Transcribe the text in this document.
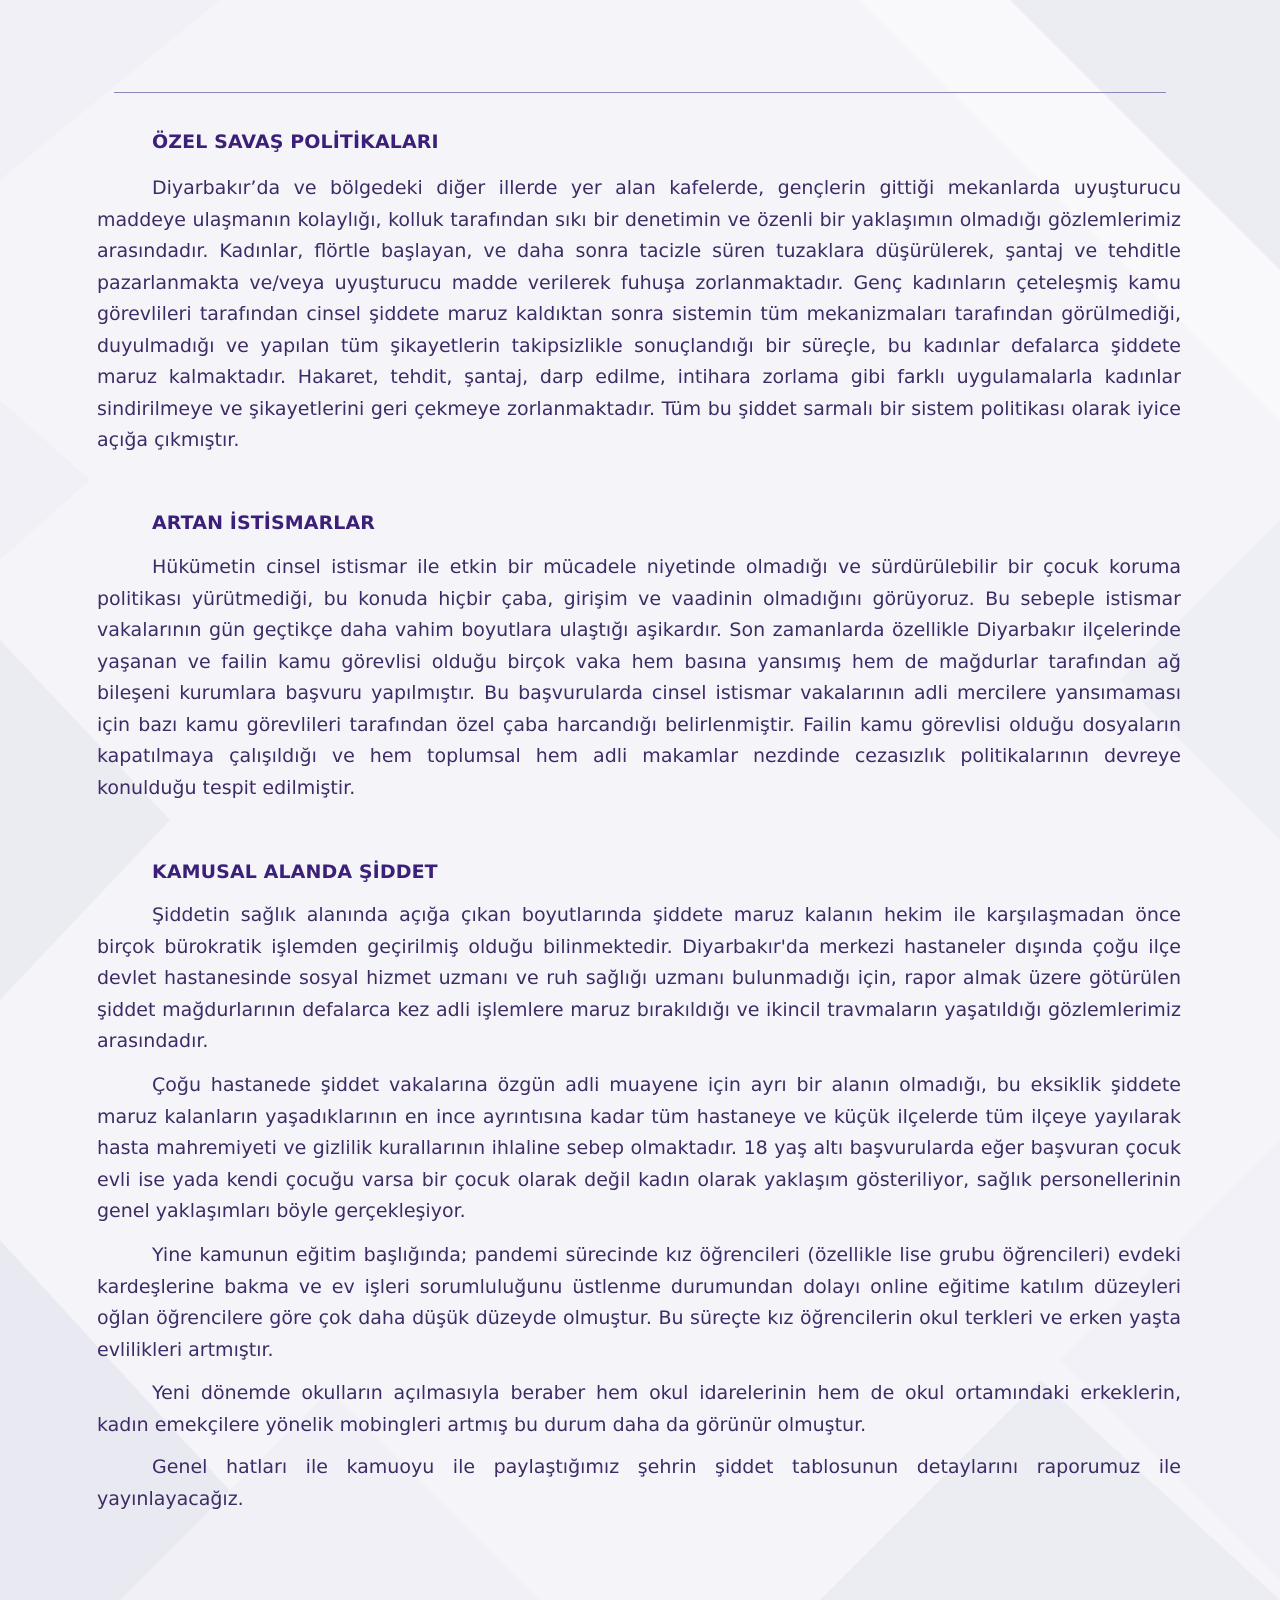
ÖZEL SAVAŞ POLİTİKALARI

Diyarbakır’da ve bölgedeki diğer illerde yer alan kafelerde, gençlerin gittiği mekanlarda uyuşturucu maddeye ulaşmanın kolaylığı, kolluk tarafından sıkı bir denetimin ve özenli bir yaklaşımın olmadığı gözlemlerimiz arasındadır. Kadınlar, flörtle başlayan, ve daha sonra tacizle süren tuzaklara düşürülerek, şantaj ve tehditle pazarlanmakta ve/veya uyuşturucu madde verilerek fuhuşa zorlanmaktadır. Genç kadınların çeteleşmiş kamu görevlileri tarafından cinsel şiddete maruz kaldıktan sonra sistemin tüm mekanizmaları tarafından görülmediği, duyulmadığı ve yapılan tüm şikayetlerin takipsizlikle sonuçlandığı bir süreçle, bu kadınlar defalarca şiddete maruz kalmaktadır. Hakaret, tehdit, şantaj, darp edilme, intihara zorlama gibi farklı uygulamalarla kadınlar sindirilmeye ve şikayetlerini geri çekmeye zorlanmaktadır. Tüm bu şiddet sarmalı bir sistem politikası olarak iyice açığa çıkmıştır.

ARTAN İSTİSMARLAR

Hükümetin cinsel istismar ile etkin bir mücadele niyetinde olmadığı ve sürdürülebilir bir çocuk koruma politikası yürütmediği, bu konuda hiçbir çaba, girişim ve vaadinin olmadığını görüyoruz. Bu sebeple istismar vakalarının gün geçtikçe daha vahim boyutlara ulaştığı aşikardır. Son zamanlarda özellikle Diyarbakır ilçelerinde yaşanan ve failin kamu görevlisi olduğu birçok vaka hem basına yansımış hem de mağdurlar tarafından ağ bileşeni kurumlara başvuru yapılmıştır. Bu başvurularda cinsel istismar vakalarının adli mercilere yansımaması için bazı kamu görevlileri tarafından özel çaba harcandığı belirlenmiştir. Failin kamu görevlisi olduğu dosyaların kapatılmaya çalışıldığı ve hem toplumsal hem adli makamlar nezdinde cezasızlık politikalarının devreye konulduğu tespit edilmiştir.

KAMUSAL ALANDA ŞİDDET

Şiddetin sağlık alanında açığa çıkan boyutlarında şiddete maruz kalanın hekim ile karşılaşmadan önce birçok bürokratik işlemden geçirilmiş olduğu bilinmektedir. Diyarbakır'da merkezi hastaneler dışında çoğu ilçe devlet hastanesinde sosyal hizmet uzmanı ve ruh sağlığı uzmanı bulunmadığı için, rapor almak üzere götürülen şiddet mağdurlarının defalarca kez adli işlemlere maruz bırakıldığı ve ikincil travmaların yaşatıldığı gözlemlerimiz arasındadır.

Çoğu hastanede şiddet vakalarına özgün adli muayene için ayrı bir alanın olmadığı, bu eksiklik şiddete maruz kalanların yaşadıklarının en ince ayrıntısına kadar tüm hastaneye ve küçük ilçelerde tüm ilçeye yayılarak hasta mahremiyeti ve gizlilik kurallarının ihlaline sebep olmaktadır. 18 yaş altı başvurularda eğer başvuran çocuk evli ise yada kendi çocuğu varsa bir çocuk olarak değil kadın olarak yaklaşım gösteriliyor, sağlık personellerinin genel yaklaşımları böyle gerçekleşiyor.

Yine kamunun eğitim başlığında; pandemi sürecinde kız öğrencileri (özellikle lise grubu öğrencileri) evdeki kardeşlerine bakma ve ev işleri sorumluluğunu üstlenme durumundan dolayı online eğitime katılım düzeyleri oğlan öğrencilere göre çok daha düşük düzeyde olmuştur. Bu süreçte kız öğrencilerin okul terkleri ve erken yaşta evlilikleri artmıştır.

Yeni dönemde okulların açılmasıyla beraber hem okul idarelerinin hem de okul ortamındaki erkeklerin, kadın emekçilere yönelik mobingleri artmış bu durum daha da görünür olmuştur.

Genel hatları ile kamuoyu ile paylaştığımız şehrin şiddet tablosunun detaylarını raporumuz ile yayınlayacağız.
